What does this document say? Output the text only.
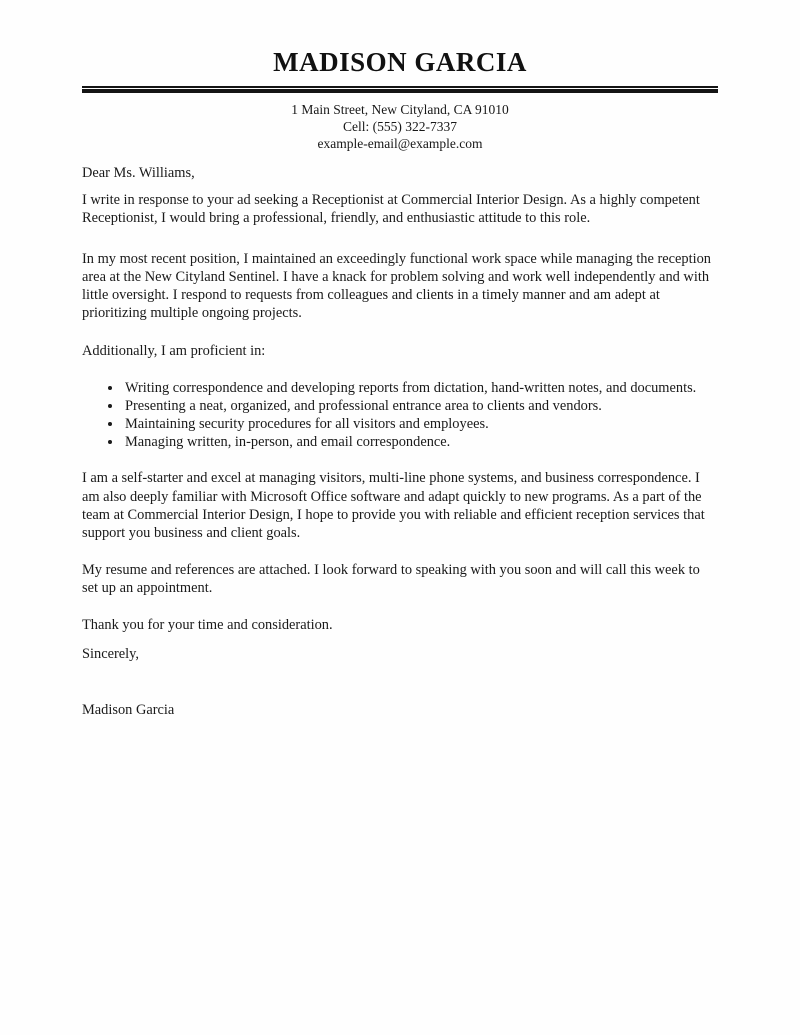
MADISON GARCIA
1 Main Street, New Cityland, CA 91010
Cell: (555) 322-7337
example-email@example.com

Dear Ms. Williams,

I write in response to your ad seeking a Receptionist at Commercial Interior Design. As a highly competent Receptionist, I would bring a professional, friendly, and enthusiastic attitude to this role.

In my most recent position, I maintained an exceedingly functional work space while managing the reception area at the New Cityland Sentinel. I have a knack for problem solving and work well independently and with little oversight. I respond to requests from colleagues and clients in a timely manner and am adept at prioritizing multiple ongoing projects.

Additionally, I am proficient in:

• Writing correspondence and developing reports from dictation, hand-written notes, and documents.
• Presenting a neat, organized, and professional entrance area to clients and vendors.
• Maintaining security procedures for all visitors and employees.
• Managing written, in-person, and email correspondence.

I am a self-starter and excel at managing visitors, multi-line phone systems, and business correspondence. I am also deeply familiar with Microsoft Office software and adapt quickly to new programs. As a part of the team at Commercial Interior Design, I hope to provide you with reliable and efficient reception services that support you business and client goals.

My resume and references are attached. I look forward to speaking with you soon and will call this week to set up an appointment.

Thank you for your time and consideration.

Sincerely,

Madison Garcia
